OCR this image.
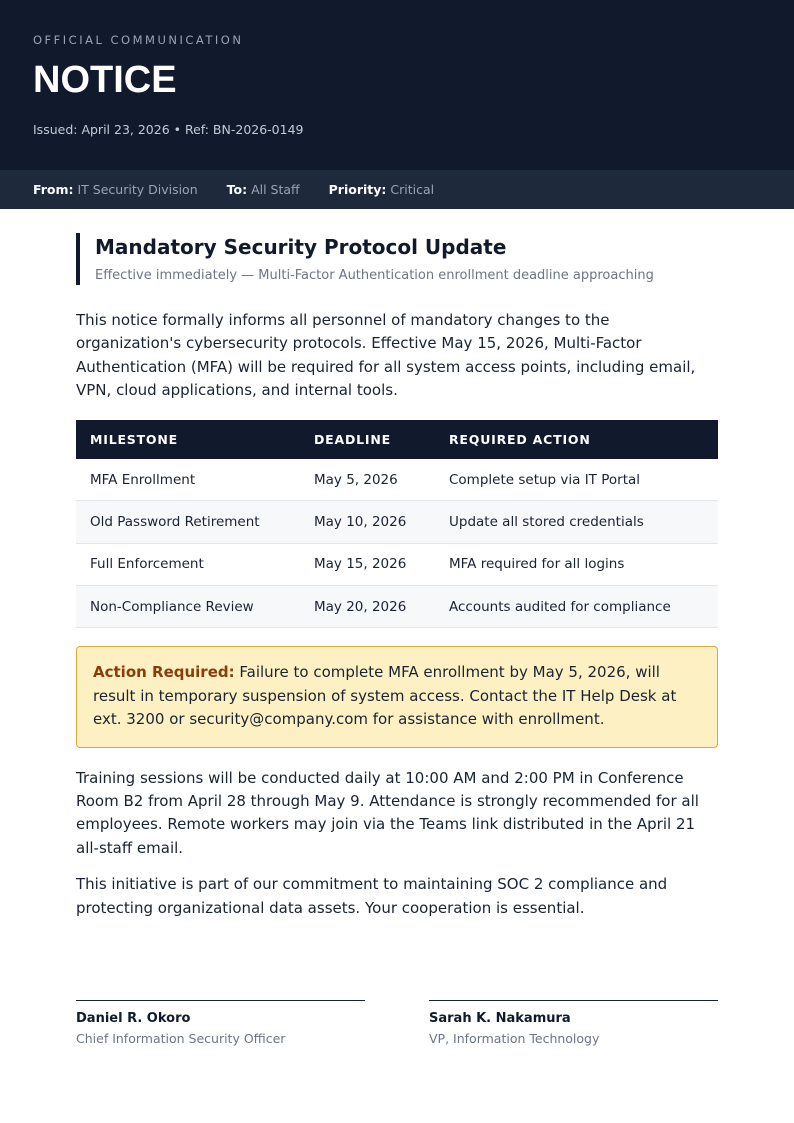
OFFICIAL COMMUNICATION
NOTICE
Issued: April 23, 2026 • Ref: BN-2026-0149
From: IT Security Division To: All Staff Priority: Critical
Mandatory Security Protocol Update

Effective immediately — Multi-Factor Authentication enrollment deadline approaching

This notice formally informs all personnel of mandatory changes to the organization's cybersecurity protocols. Effective May 15, 2026, Multi-Factor Authentication (MFA) will be required for all system access points, including email, VPN, cloud applications, and internal tools.

MILESTONE	DEADLINE	REQUIRED ACTION
MFA Enrollment	May 5, 2026	Complete setup via IT Portal
Old Password Retirement	May 10, 2026	Update all stored credentials
Full Enforcement	May 15, 2026	MFA required for all logins
Non-Compliance Review	May 20, 2026	Accounts audited for compliance
Action Required: Failure to complete MFA enrollment by May 5, 2026, will result in temporary suspension of system access. Contact the IT Help Desk at ext. 3200 or security@company.com for assistance with enrollment.

Training sessions will be conducted daily at 10:00 AM and 2:00 PM in Conference Room B2 from April 28 through May 9. Attendance is strongly recommended for all employees. Remote workers may join via the Teams link distributed in the April 21 all-staff email.

This initiative is part of our commitment to maintaining SOC 2 compliance and protecting organizational data assets. Your cooperation is essential.

Daniel R. Okoro
Chief Information Security Officer
Sarah K. Nakamura
VP, Information Technology
